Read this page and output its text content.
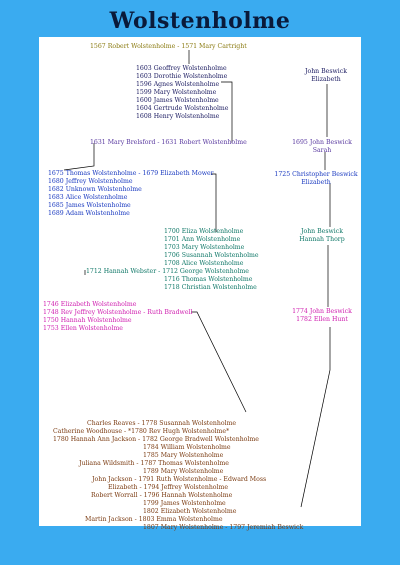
Wolstenholme
1567 Robert Wolstenholme - 1571 Mary Cartright
1603 Geoffrey Wolstenholme
1603 Dorothie Wolstenholme
1596 Agnes Wolstenholme
1599 Mary Wolstenholme
1600 James Wolstenholme
1604 Gertrude Wolstenholme
1608 Henry Wolstenholme
1631 Mary Brelsford - 1631 Robert Wolstenholme
1675 Thomas Wolstenholme - 1679 Elizabeth Mower
1680 Jeffrey Wolstenholme
1682 Unknown Wolstenholme
1683 Alice Wolstenholme
1685 James Wolstenholme
1689 Adam Wolstenholme
1700 Eliza Wolstenholme
1701 Ann Wolstenholme
1703 Mary Wolstenholme
1706 Susannah Wolstenholme
1708 Alice Wolstenholme
1712 Hannah Webster - 1712 George Wolstenholme
1716 Thomas Wolstenholme
1718 Christian Wolstenholme
1746 Elizabeth Wolstenholme
1748 Rev Jeffrey Wolstenholme - Ruth Bradwell
1750 Hannah Wolstenholme
1753 Ellen Wolstenholme
Charles Reaves - 1778 Susannah Wolstenholme
Catherine Woodhouse - *1780 Rev Hugh Wolstenholme*
1780 Hannah Ann Jackson - 1782 George Bradwell Wolstenholme
1784 William Wolstenholme
1785 Mary Wolstenholme
Juliana Wildsmith - 1787 Thomas Wolstenholme
1789 Mary Wolstenholme
John Jackson - 1791 Ruth Wolstenholme - Edward Moss
Elizabeth - 1794 Jeffrey Wolstenholme
Robert Worrall - 1796 Hannah Wolstenholme
1799 James Wolstenholme
1802 Elizabeth Wolstenholme
Martin Jackson - 1803 Emma Wolstenholme
1807 Mary Wolstenholme - 1797 Jeremiah Beswick
John Beswick
Elizabeth
1695 John Beswick
Sarah
1725 Christopher Beswick
Elizabeth
John Beswick
Hannah Thorp
1774 John Beswick
1782 Ellen Hunt
